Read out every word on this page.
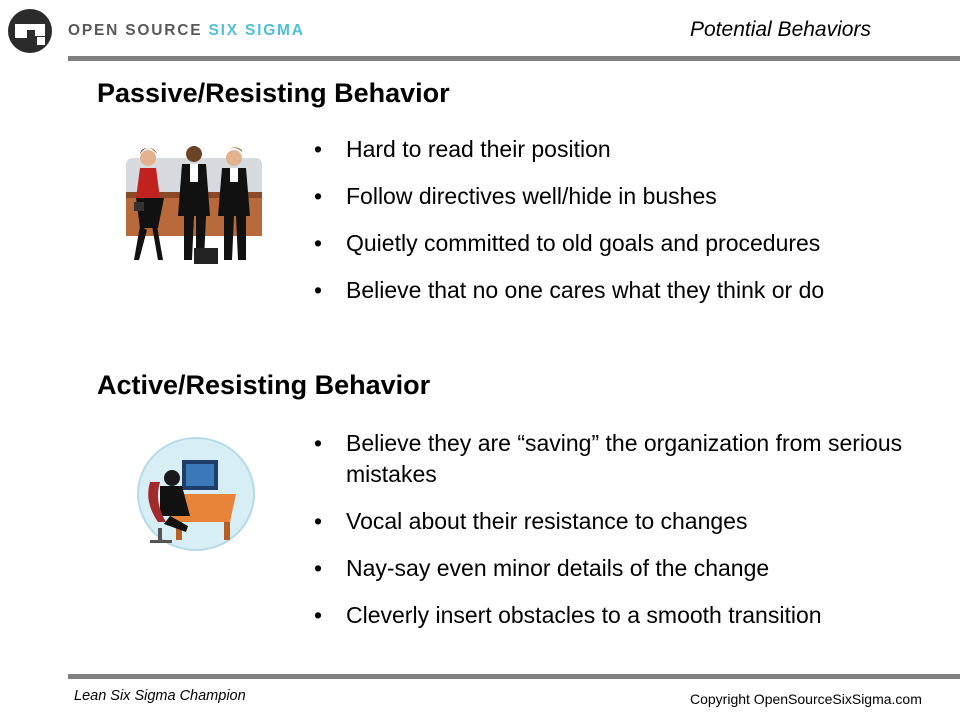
OPEN SOURCE SIX SIGMA	Potential Behaviors
Passive/Resisting Behavior
• Hard to read their position
• Follow directives well/hide in bushes
• Quietly committed to old goals and procedures
• Believe that no one cares what they think or do
Active/Resisting Behavior
• Believe they are “saving” the organization from serious mistakes
• Vocal about their resistance to changes
• Nay-say even minor details of the change
• Cleverly insert obstacles to a smooth transition
Lean Six Sigma Champion	Copyright OpenSourceSixSigma.com
